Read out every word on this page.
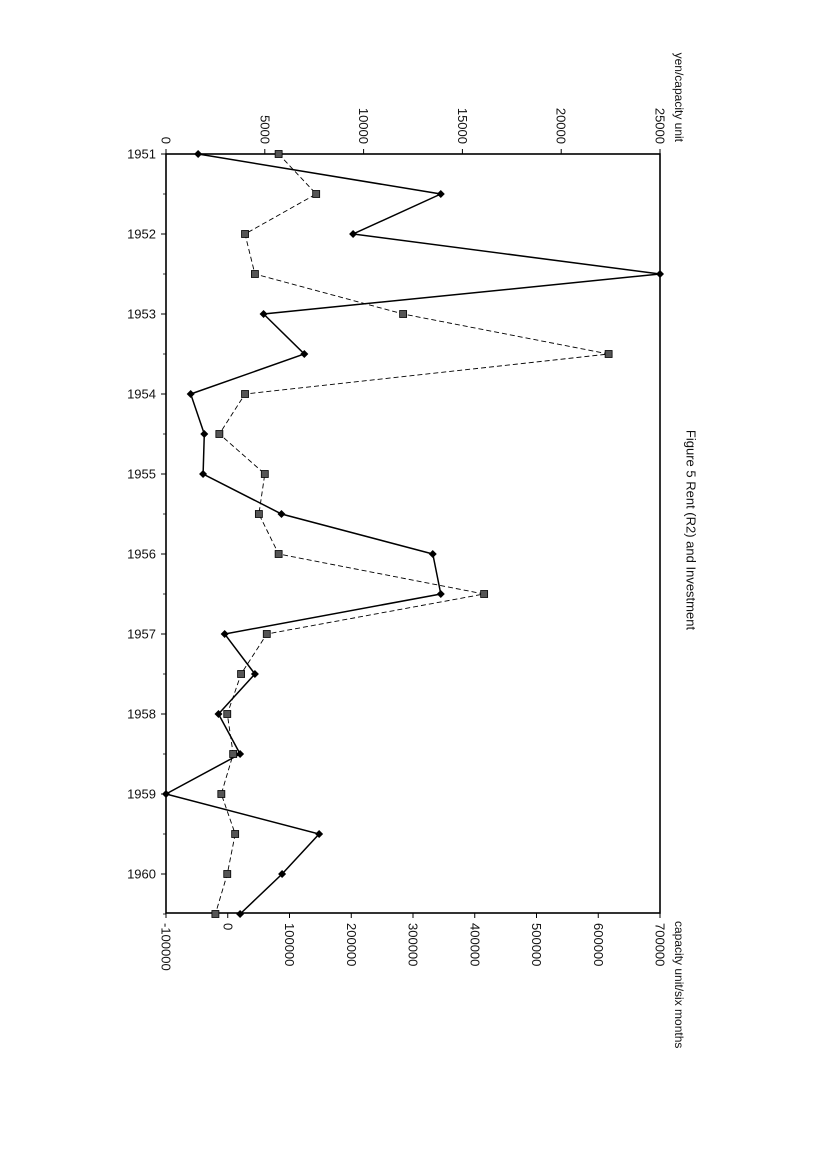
1951
1952
1953
1954
1955
1956
1957
1958
1959
1960
0	5000	10000	15000	20000	25000
-100000	0	100000	200000	300000	400000	500000	600000	700000
yen/capacity unit
capacity unit/six months
Figure 5 Rent (R2) and Investment
